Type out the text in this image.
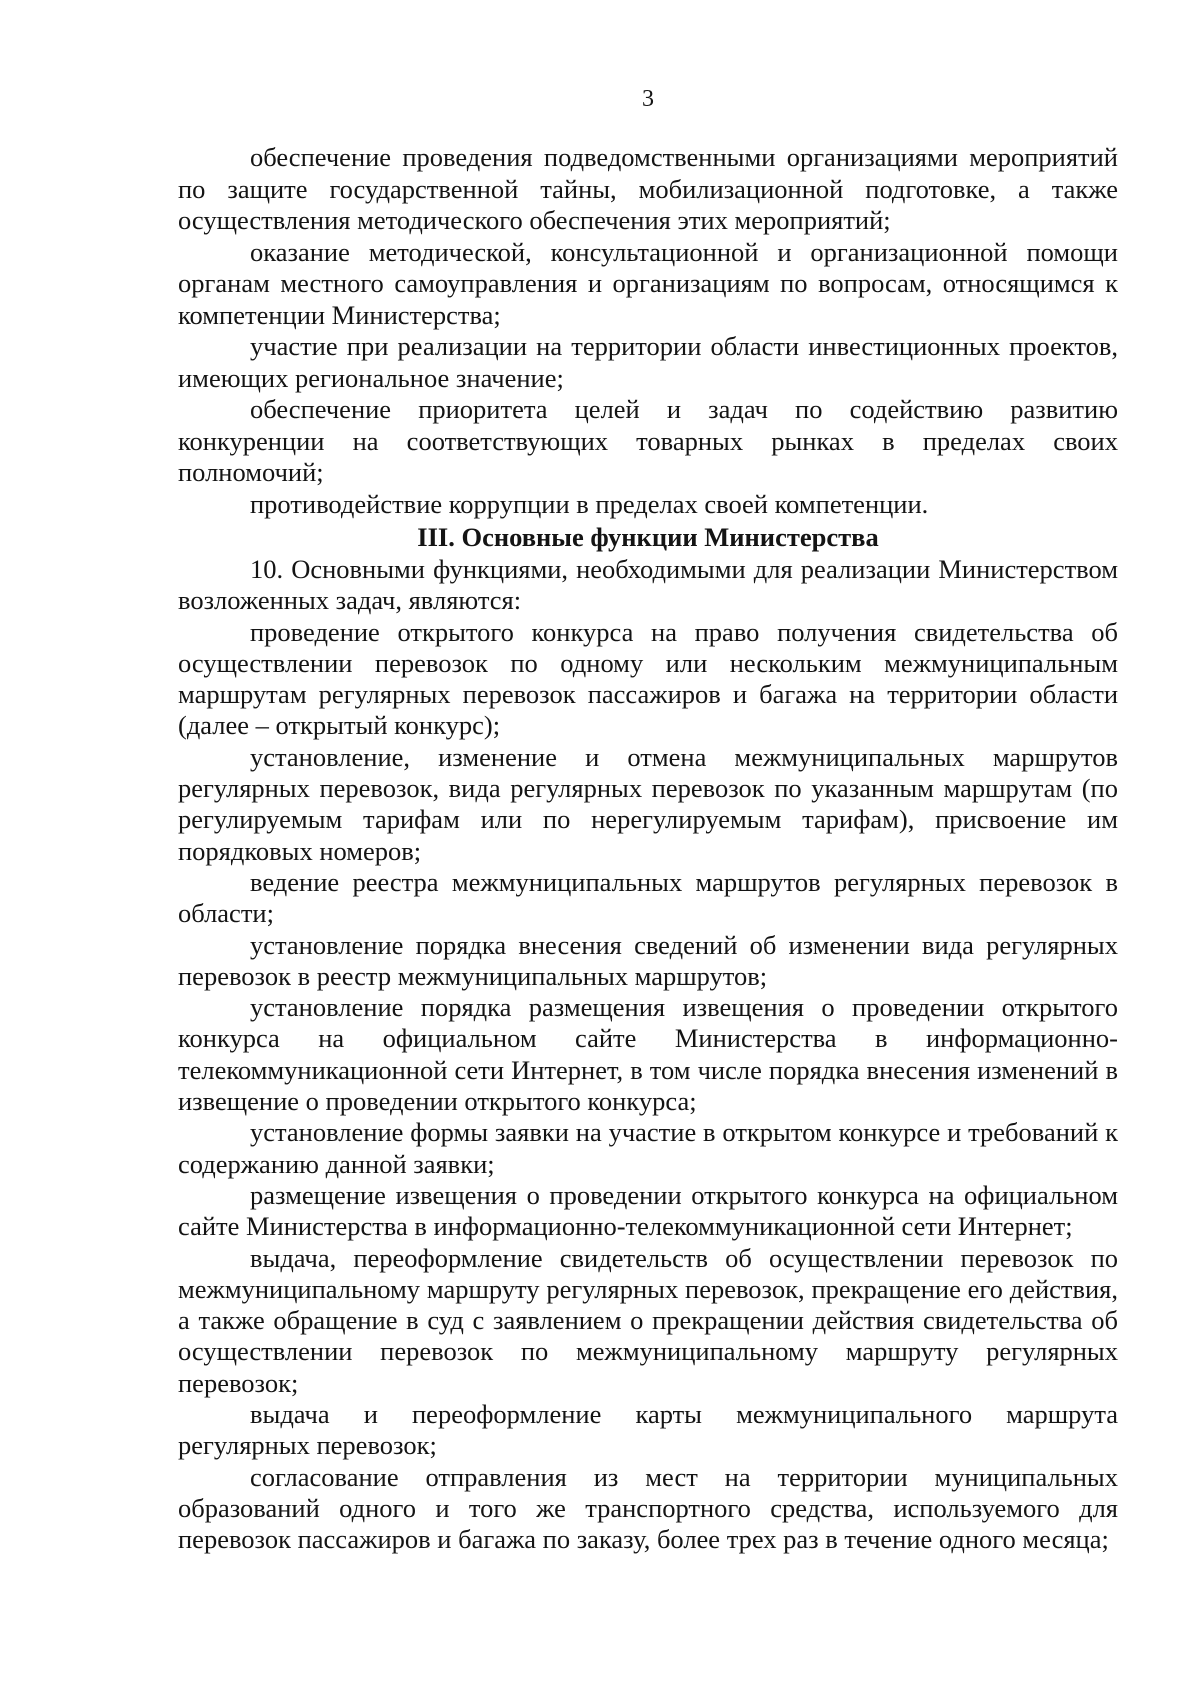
3

обеспечение проведения подведомственными организациями мероприятий по защите государственной тайны, мобилизационной подготовке, а также осуществления методического обеспечения этих мероприятий;

оказание методической, консультационной и организационной помощи органам местного самоуправления и организациям по вопросам, относящимся к компетенции Министерства;

участие при реализации на территории области инвестиционных проектов, имеющих региональное значение;

обеспечение приоритета целей и задач по содействию развитию конкуренции на соответствующих товарных рынках в пределах своих полномочий;

противодействие коррупции в пределах своей компетенции.

III. Основные функции Министерства

10. Основными функциями, необходимыми для реализации Министерством возложенных задач, являются:

проведение открытого конкурса на право получения свидетельства об осуществлении перевозок по одному или нескольким межмуниципальным маршрутам регулярных перевозок пассажиров и багажа на территории области (далее – открытый конкурс);

установление, изменение и отмена межмуниципальных маршрутов регулярных перевозок, вида регулярных перевозок по указанным маршрутам (по регулируемым тарифам или по нерегулируемым тарифам), присвоение им порядковых номеров;

ведение реестра межмуниципальных маршрутов регулярных перевозок в области;

установление порядка внесения сведений об изменении вида регулярных перевозок в реестр межмуниципальных маршрутов;

установление порядка размещения извещения о проведении открытого конкурса на официальном сайте Министерства в информационно-телекоммуникационной сети Интернет, в том числе порядка внесения изменений в извещение о проведении открытого конкурса;

установление формы заявки на участие в открытом конкурсе и требований к содержанию данной заявки;

размещение извещения о проведении открытого конкурса на официальном сайте Министерства в информационно-телекоммуникационной сети Интернет;

выдача, переоформление свидетельств об осуществлении перевозок по межмуниципальному маршруту регулярных перевозок, прекращение его действия, а также обращение в суд с заявлением о прекращении действия свидетельства об осуществлении перевозок по межмуниципальному маршруту регулярных перевозок;

выдача и переоформление карты межмуниципального маршрута регулярных перевозок;

согласование отправления из мест на территории муниципальных образований одного и того же транспортного средства, используемого для перевозок пассажиров и багажа по заказу, более трех раз в течение одного месяца;
